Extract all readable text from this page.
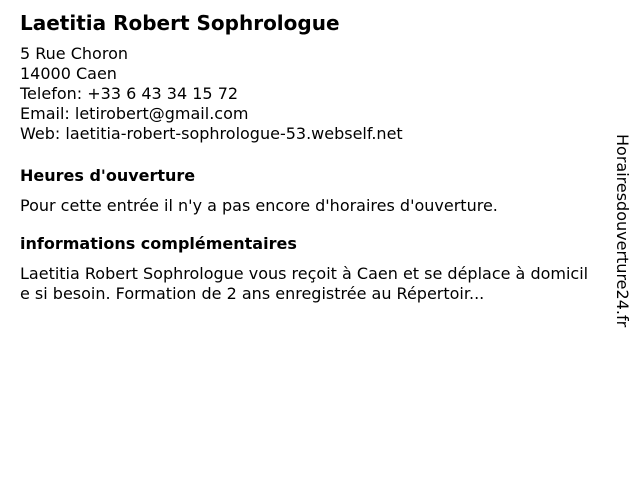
Laetitia Robert Sophrologue

5 Rue Choron

14000 Caen

Telefon: +33 6 43 34 15 72

Email: letirobert@gmail.com

Web: laetitia-robert-sophrologue-53.webself.net

Heures d'ouverture

Pour cette entrée il n'y a pas encore d'horaires d'ouverture.

informations complémentaires

Laetitia Robert Sophrologue vous reçoit à Caen et se déplace à domicile si besoin. Formation de 2 ans enregistrée au Répertoir...	Horairesdouverture24.fr
